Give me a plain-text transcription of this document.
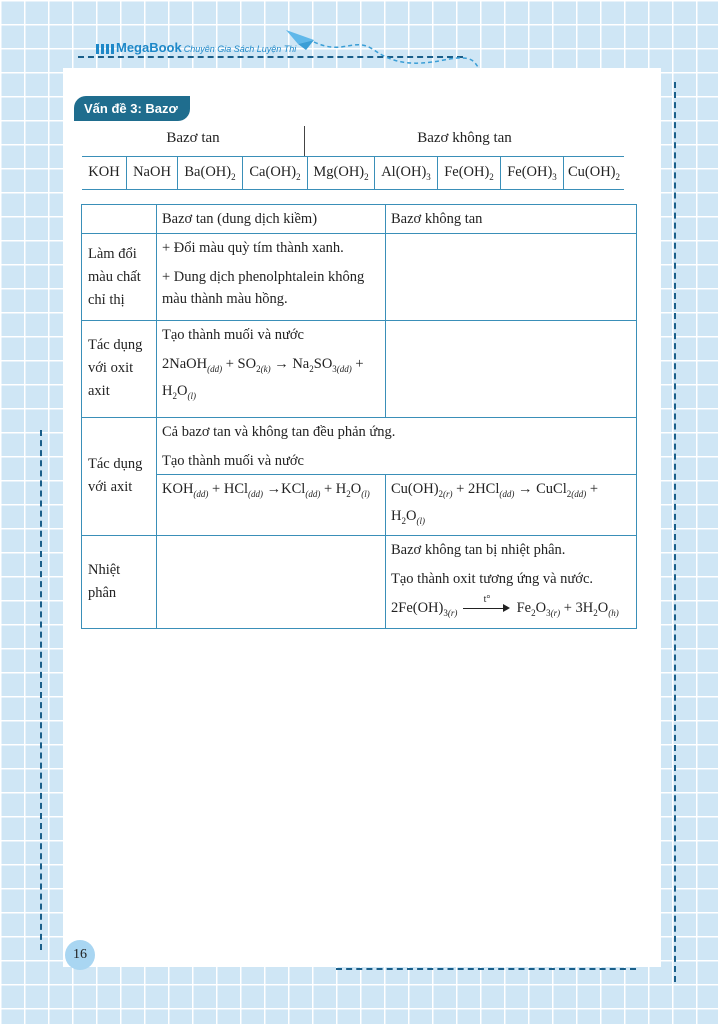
MegaBook Chuyên Gia Sách Luyện Thi
Vấn đề 3: Bazơ
Bazơ tan	Bazơ không tan
KOH NaOH $Ba(OH)_2$ $Ca(OH)_2$ $Mg(OH)_2$ $Al(OH)_3$ $Fe(OH)_2$ $Fe(OH)_3$ $Cu(OH)_2$
	Bazơ tan (dung dịch kiềm)	Bazơ không tan
Làm đổi màu chất chỉ thị	+ Đổi màu quỳ tím thành xanh.

+ Dung dịch phenolphtalein không màu thành màu hồng.	

Tác dụng với oxit axit	Tạo thành muối và nước

2NaOH$_{(dd)}$ + $SO_{2(k)} \to Na_2SO_{3(dd)} + H_2O_{(l)}$

Tác dụng với axit	Cả bazơ tan và không tan đều phản ứng.

Tạo thành muối và nước	

	$KOH_{(dd)} + HCl_{(dd)} \to KCl_{(dd)} + H_2O_{(l)}$	$Cu(OH)_{2(r)} + 2HCl_{(dd)}$ → CuCl$_{2(dd)}$ + $H_2O_{(l)}$
Nhiệt phân		Bazơ không tan bị nhiệt phân.

Tạo thành oxit tương ứng và nước.

$2Fe(OH)_{3(r)}$
t° $Fe_2O_{3(r)} + 3H_2O_{(h)}$

16
